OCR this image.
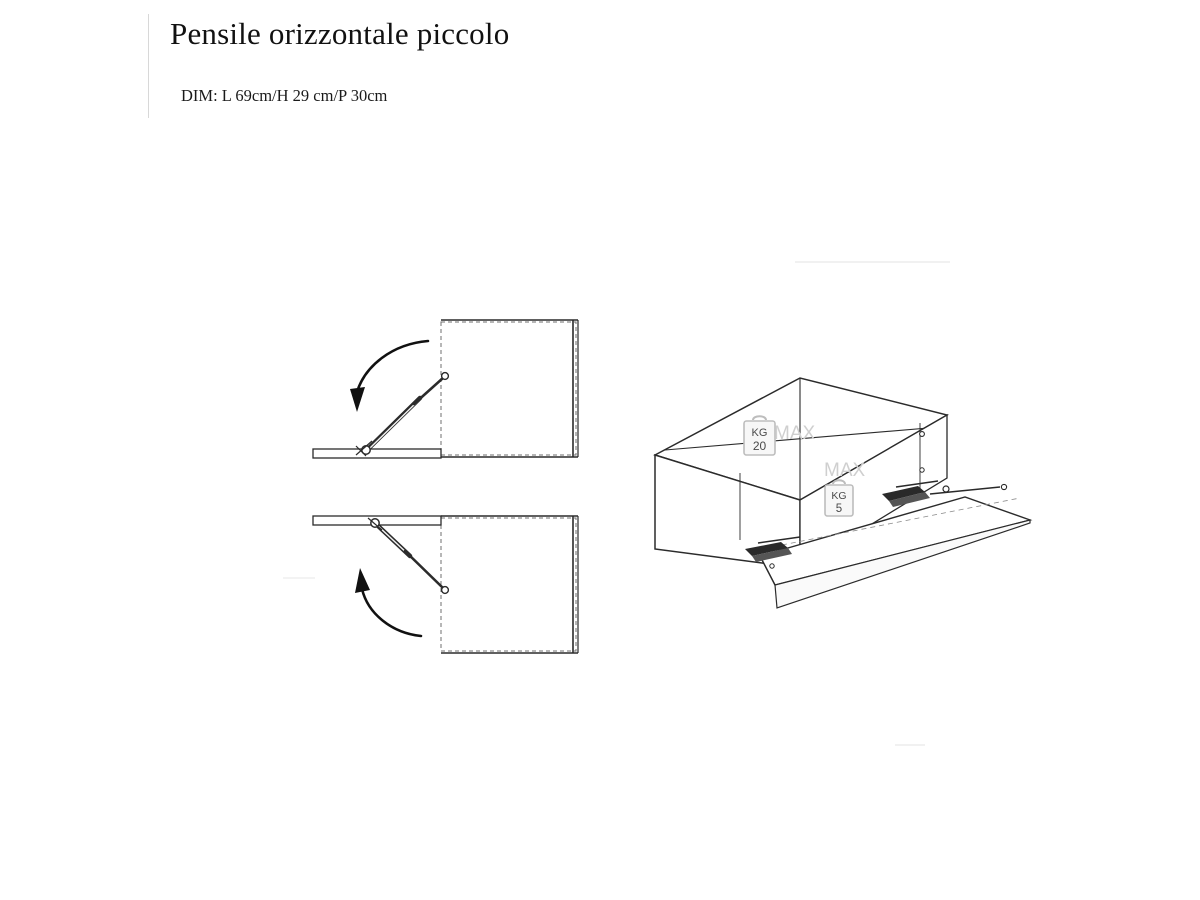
Pensile orizzontale piccolo
DIM: L 69cm/H 29 cm/P 30cm
KG
20
MAX
KG
5
MAX
